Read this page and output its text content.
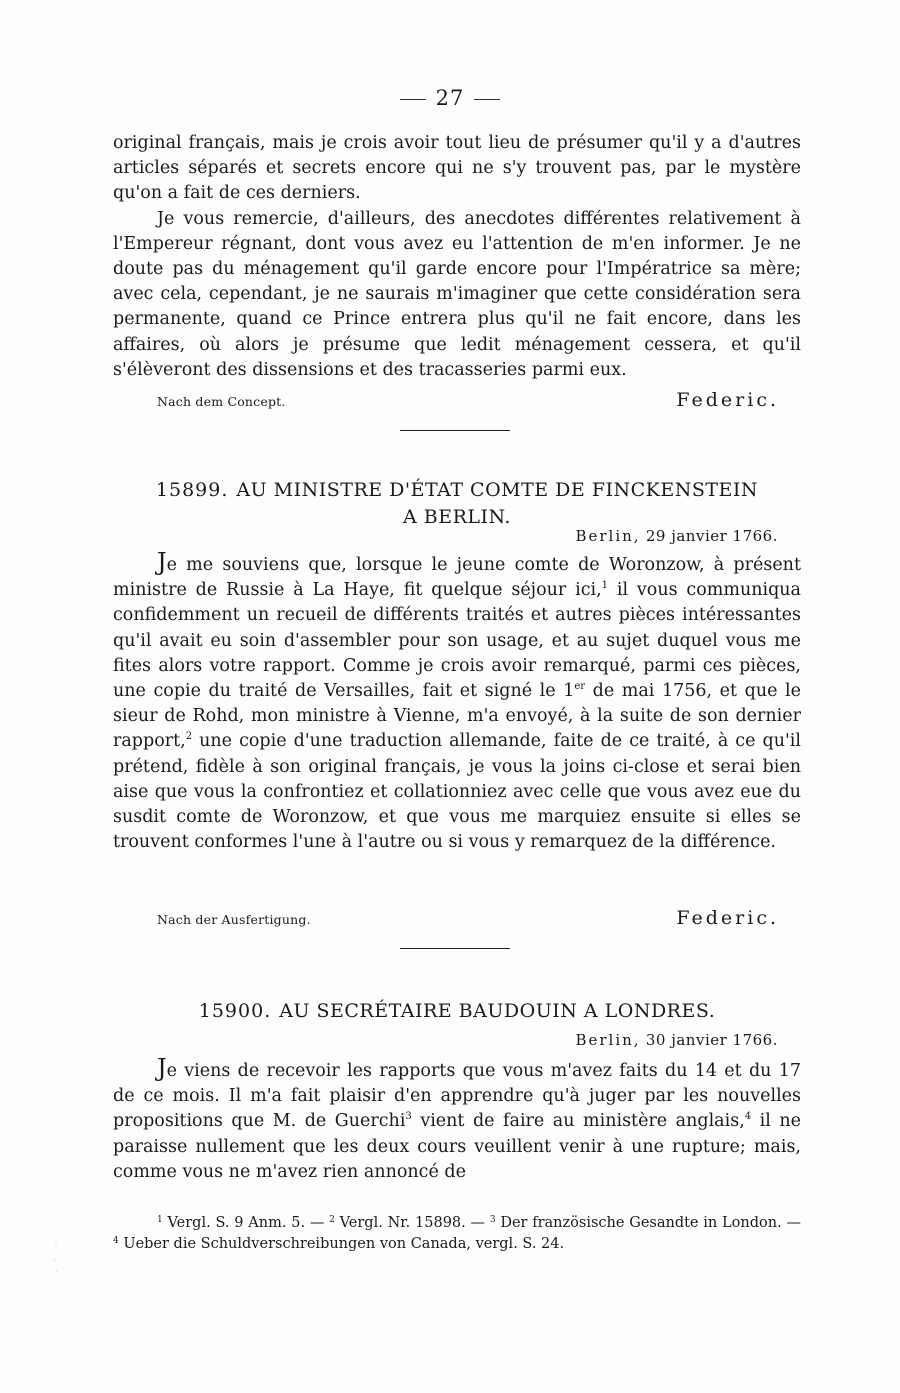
27

original français, mais je crois avoir tout lieu de présumer qu'il y a d'autres articles séparés et secrets encore qui ne s'y trouvent pas, par le mystère qu'on a fait de ces derniers.

Je vous remercie, d'ailleurs, des anecdotes différentes relativement à l'Empereur régnant, dont vous avez eu l'attention de m'en informer. Je ne doute pas du ménagement qu'il garde encore pour l'Impératrice sa mère; avec cela, cependant, je ne saurais m'imaginer que cette considération sera permanente, quand ce Prince entrera plus qu'il ne fait encore, dans les affaires, où alors je présume que ledit ménagement cessera, et qu'il s'élèveront des dissensions et des tracasseries parmi eux.

Nach dem Concept.	Federic.
15899. AU MINISTRE D'ÉTAT COMTE DE FINCKENSTEIN
A BERLIN.
Berlin, 29 janvier 1766.

Je me souviens que, lorsque le jeune comte de Woronzow, à présent ministre de Russie à La Haye, fit quelque séjour ici,$^1$ il vous communiqua confidemment un recueil de différents traités et autres pièces intéressantes qu'il avait eu soin d'assembler pour son usage, et au sujet duquel vous me fites alors votre rapport. Comme je crois avoir remarqué, parmi ces pièces, une copie du traité de Versailles, fait et signé le 1er de mai 1756, et que le sieur de Rohd, mon ministre à Vienne, m'a envoyé, à la suite de son dernier rapport,$^2$ une copie d'une traduction allemande, faite de ce traité, à ce qu'il prétend, fidèle à son original français, je vous la joins ci-close et serai bien aise que vous la confrontiez et collationniez avec celle que vous avez eue du susdit comte de Woronzow, et que vous me marquiez ensuite si elles se trouvent conformes l'une à l'autre ou si vous y remarquez de la différence.

Nach der Ausfertigung.	Federic.
15900. AU SECRÉTAIRE BAUDOUIN A LONDRES.
Berlin, 30 janvier 1766.

Je viens de recevoir les rapports que vous m'avez faits du 14 et du 17 de ce mois. Il m'a fait plaisir d'en apprendre qu'à juger par les nouvelles propositions que M. de Guerchi$^3$ vient de faire au ministère anglais,$^4$ il ne paraisse nullement que les deux cours veuillent venir à une rupture; mais, comme vous ne m'avez rien annoncé de

$^1$ Vergl. S. 9 Anm. 5. — $^2$ Vergl. Nr. 15898. — $^3$ Der französische Gesandte in London. — $^4$ Ueber die Schuldverschreibungen von Canada, vergl. S. 24.
